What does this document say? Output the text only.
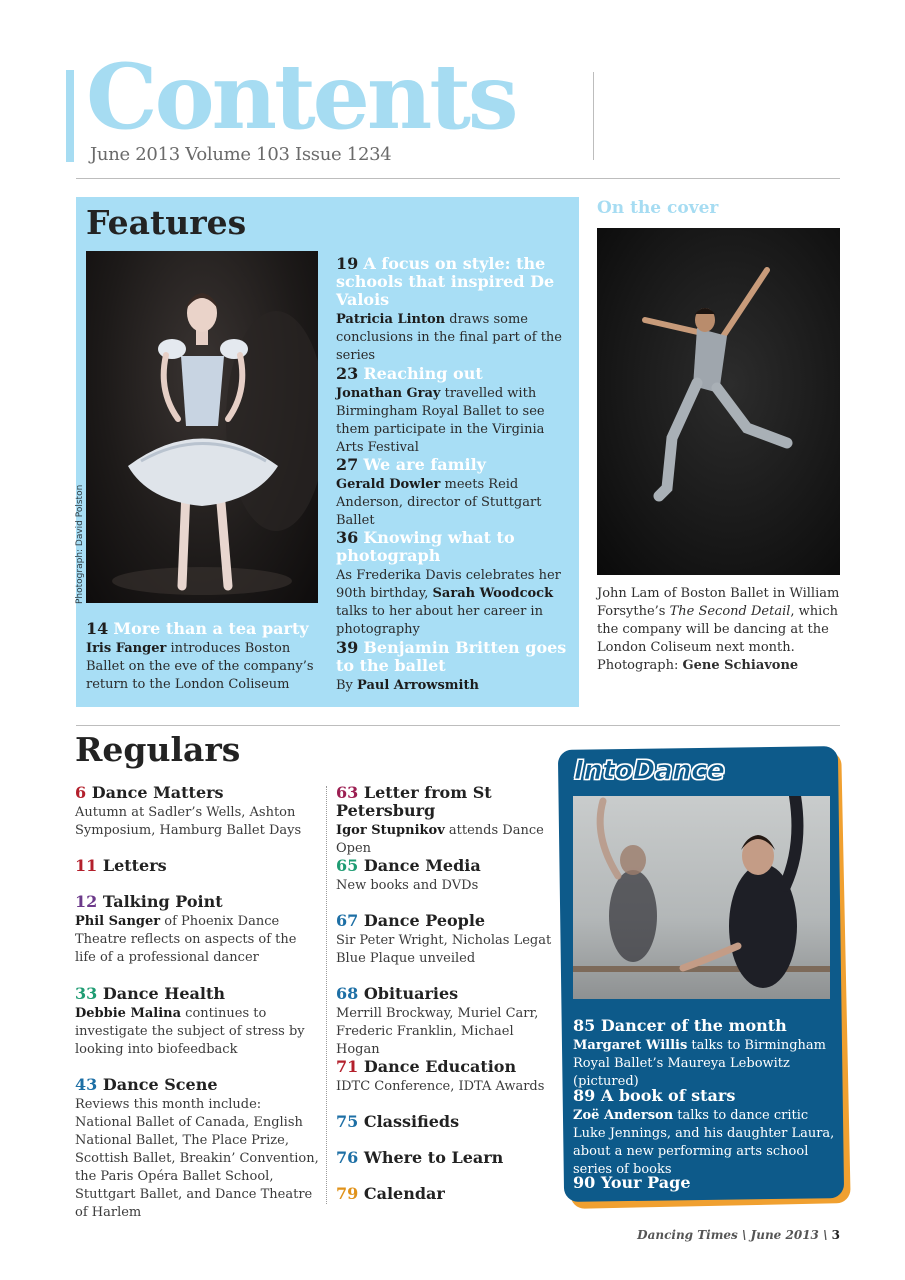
Contents
June 2013 Volume 103 Issue 1234
Features
Photograph: David Polston
14 More than a tea party
Iris Fanger introduces Boston Ballet on the eve of the company’s return to the London Coliseum
19 A focus on style: the schools that inspired De Valois
Patricia Linton draws some conclusions in the final part of the series
23 Reaching out
Jonathan Gray travelled with Birmingham Royal Ballet to see them participate in the Virginia Arts Festival
27 We are family
Gerald Dowler meets Reid Anderson, director of Stuttgart Ballet
36 Knowing what to photograph
As Frederika Davis celebrates her 90th birthday, Sarah Woodcock talks to her about her career in photography
39 Benjamin Britten goes to the ballet
By Paul Arrowsmith
On the cover
John Lam of Boston Ballet in William Forsythe’s The Second Detail, which the company will be dancing at the London Coliseum next month. Photograph: Gene Schiavone
Regulars
6 Dance Matters
Autumn at Sadler’s Wells, Ashton Symposium, Hamburg Ballet Days
11 Letters
12 Talking Point
Phil Sanger of Phoenix Dance Theatre reflects on aspects of the life of a professional dancer
33 Dance Health
Debbie Malina continues to investigate the subject of stress by looking into biofeedback
43 Dance Scene
Reviews this month include: National Ballet of Canada, English National Ballet, The Place Prize, Scottish Ballet, Breakin’ Convention, the Paris Opéra Ballet School, Stuttgart Ballet, and Dance Theatre of Harlem
63 Letter from St Petersburg
Igor Stupnikov attends Dance Open
65 Dance Media
New books and DVDs
67 Dance People
Sir Peter Wright, Nicholas Legat Blue Plaque unveiled
68 Obituaries
Merrill Brockway, Muriel Carr, Frederic Franklin, Michael Hogan
71 Dance Education
IDTC Conference, IDTA Awards
75 Classifieds
76 Where to Learn
79 Calendar
IntoDance
85 Dancer of the month
Margaret Willis talks to Birmingham Royal Ballet’s Maureya Lebowitz (pictured)
89 A book of stars
Zoë Anderson talks to dance critic Luke Jennings, and his daughter Laura, about a new performing arts school series of books
90 Your Page
Dancing Times \ June 2013 \ 3
